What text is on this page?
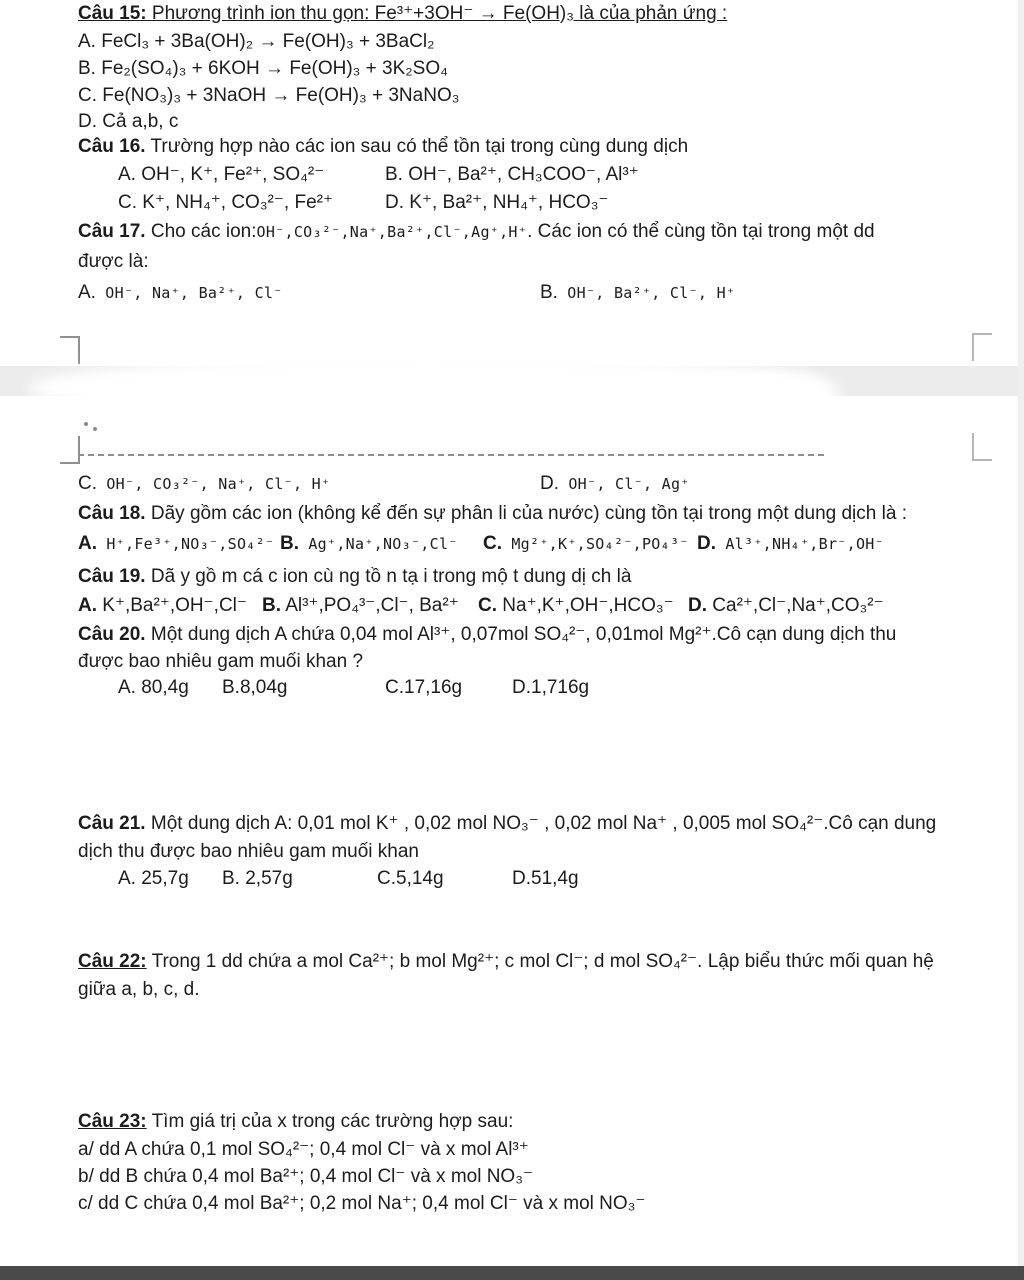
Câu 15: Phương trình ion thu gọn: Fe³⁺+3OH⁻ → Fe(OH)₃ là của phản ứng :
A. FeCl₃ + 3Ba(OH)₂ → Fe(OH)₃ + 3BaCl₂
B. Fe₂(SO₄)₃ + 6KOH → Fe(OH)₃ + 3K₂SO₄
C. Fe(NO₃)₃ + 3NaOH → Fe(OH)₃ + 3NaNO₃
D. Cả a,b, c
Câu 16. Trường hợp nào các ion sau có thể tồn tại trong cùng dung dịch
A. OH⁻, K⁺, Fe²⁺, SO₄²⁻	B. OH⁻, Ba²⁺, CH₃COO⁻, Al³⁺
C. K⁺, NH₄⁺, CO₃²⁻, Fe²⁺	D. K⁺, Ba²⁺, NH₄⁺, HCO₃⁻
Câu 17. Cho các ion:OH⁻,CO₃²⁻,Na⁺,Ba²⁺,Cl⁻,Ag⁺,H⁺. Các ion có thể cùng tồn tại trong một dd
được là:
A. OH⁻, Na⁺, Ba²⁺, Cl⁻	B. OH⁻, Ba²⁺, Cl⁻, H⁺
C. OH⁻, CO₃²⁻, Na⁺, Cl⁻, H⁺	D. OH⁻, Cl⁻, Ag⁺
Câu 18. Dãy gồm các ion (không kể đến sự phân li của nước) cùng tồn tại trong một dung dịch là :
A. H⁺,Fe³⁺,NO₃⁻,SO₄²⁻ B. Ag⁺,Na⁺,NO₃⁻,Cl⁻ C. Mg²⁺,K⁺,SO₄²⁻,PO₄³⁻ D. Al³⁺,NH₄⁺,Br⁻,OH⁻
Câu 19. Dã y gồ m cá c ion cù ng tồ n tạ i trong mộ t dung dị ch là
A. K⁺,Ba²⁺,OH⁻,Cl⁻ B. Al³⁺,PO₄³⁻,Cl⁻, Ba²⁺ C. Na⁺,K⁺,OH⁻,HCO₃⁻ D. Ca²⁺,Cl⁻,Na⁺,CO₃²⁻
Câu 20. Một dung dịch A chứa 0,04 mol Al³⁺, 0,07mol SO₄²⁻, 0,01mol Mg²⁺.Cô cạn dung dịch thu
được bao nhiêu gam muối khan ?
A. 80,4g B.8,04g	C.17,16g	D.1,716g
Câu 21. Một dung dịch A: 0,01 mol K⁺ , 0,02 mol NO₃⁻ , 0,02 mol Na⁺ , 0,005 mol SO₄²⁻.Cô cạn dung
dịch thu được bao nhiêu gam muối khan
A. 25,7g B. 2,57g	C.5,14g	D.51,4g
Câu 22: Trong 1 dd chứa a mol Ca²⁺; b mol Mg²⁺; c mol Cl⁻; d mol SO₄²⁻. Lập biểu thức mối quan hệ
giữa a, b, c, d.
Câu 23: Tìm giá trị của x trong các trường hợp sau:
a/ dd A chứa 0,1 mol SO₄²⁻; 0,4 mol Cl⁻ và x mol Al³⁺
b/ dd B chứa 0,4 mol Ba²⁺; 0,4 mol Cl⁻ và x mol NO₃⁻
c/ dd C chứa 0,4 mol Ba²⁺; 0,2 mol Na⁺; 0,4 mol Cl⁻ và x mol NO₃⁻
